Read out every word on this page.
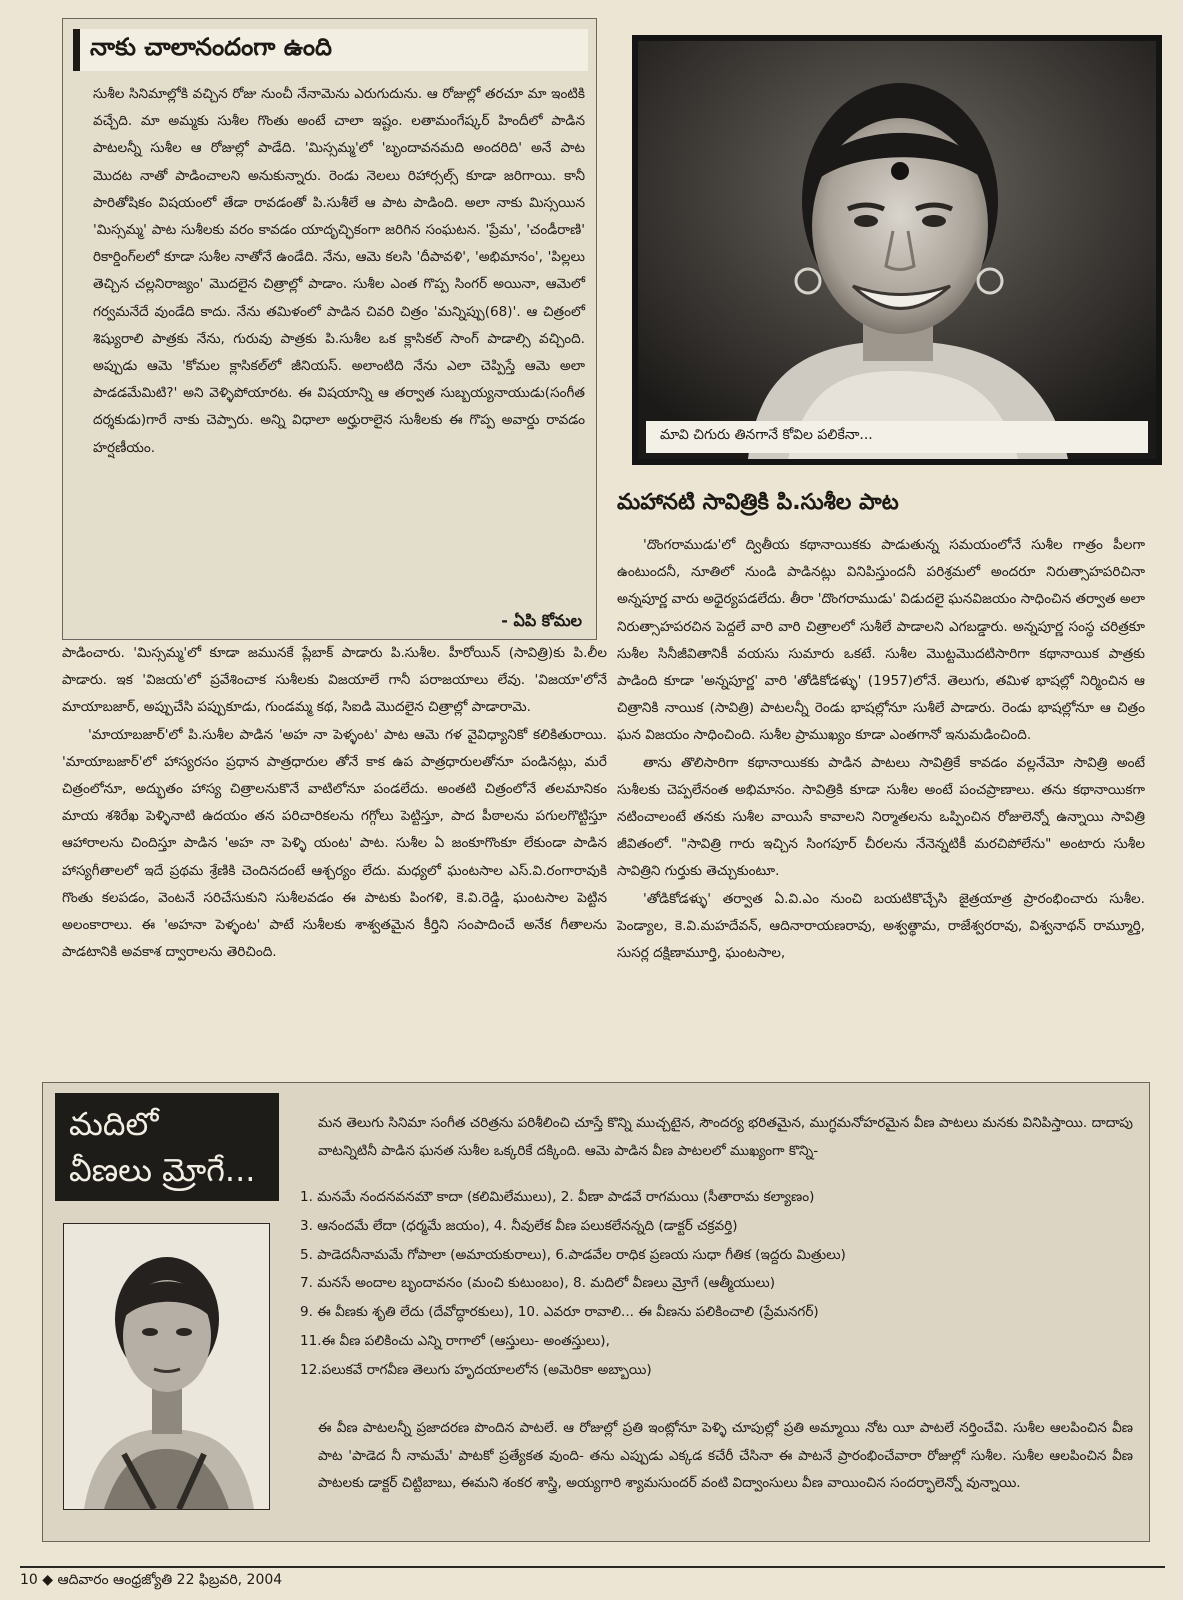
నాకు చాలానందంగా ఉంది
సుశీల సినిమాల్లోకి వచ్చిన రోజు నుంచీ నేనామెను ఎరుగుదును. ఆ రోజుల్లో తరచూ మా ఇంటికి వచ్చేది. మా అమ్మకు సుశీల గొంతు అంటే చాలా ఇష్టం. లతామంగేష్కర్ హిందీలో పాడిన పాటలన్నీ సుశీల ఆ రోజుల్లో పాడేది. 'మిస్సమ్మ'లో 'బృందావనమది అందరిది' అనే పాట మొదట నాతో పాడించాలని అనుకున్నారు. రెండు నెలలు రిహార్సల్స్ కూడా జరిగాయి. కానీ పారితోషికం విషయంలో తేడా రావడంతో పి.సుశీలే ఆ పాట పాడింది. అలా నాకు మిస్సయిన 'మిస్సమ్మ' పాట సుశీలకు వరం కావడం యాదృచ్ఛికంగా జరిగిన సంఘటన. 'ప్రేమ', 'చండీరాణి' రికార్డింగ్‌లలో కూడా సుశీల నాతోనే ఉండేది. నేను, ఆమె కలసి 'దీపావళి', 'అభిమానం', 'పిల్లలు తెచ్చిన చల్లనిరాజ్యం' మొదలైన చిత్రాల్లో పాడాం. సుశీల ఎంత గొప్ప సింగర్ అయినా, ఆమెలో గర్వమనేదే వుండేది కాదు. నేను తమిళంలో పాడిన చివరి చిత్రం 'మన్నిప్పు(68)'. ఆ చిత్రంలో శిష్యురాలి పాత్రకు నేను, గురువు పాత్రకు పి.సుశీల ఒక క్లాసికల్ సాంగ్ పాడాల్సి వచ్చింది. అప్పుడు ఆమె 'కోమల క్లాసికల్‌లో జీనియస్. అలాంటిది నేను ఎలా చెప్పిస్తే ఆమె అలా పాడడమేమిటి?' అని వెళ్ళిపోయారట. ఈ విషయాన్ని ఆ తర్వాత సుబ్బయ్యనాయుడు(సంగీత దర్శకుడు)గారే నాకు చెప్పారు. అన్ని విధాలా అర్హురాలైన సుశీలకు ఈ గొప్ప అవార్డు రావడం హర్షణీయం.
- ఏపి కోమల
మావి చిగురు తినగానే కోవిల పలికేనా...
మహానటి సావిత్రికి పి.సుశీల పాట

పాడించారు. 'మిస్సమ్మ'లో కూడా జమునకే ప్లేబాక్ పాడారు పి.సుశీల. హీరోయిన్ (సావిత్రి)కు పి.లీల పాడారు. ఇక 'విజయ'లో ప్రవేశించాక సుశీలకు విజయాలే గానీ పరాజయాలు లేవు. 'విజయా'లోనే మాయాబజార్, అప్పుచేసి పప్పుకూడు, గుండమ్మ కథ, సిఐడి మొదలైన చిత్రాల్లో పాడారామె.

'మాయాబజార్'లో పి.సుశీల పాడిన 'అహ నా పెళ్ళంట' పాట ఆమె గళ వైవిధ్యానికో కలికితురాయి. 'మాయాబజార్'లో హాస్యరసం ప్రధాన పాత్రధారుల తోనే కాక ఉప పాత్రధారులతోనూ పండినట్లు, మరే చిత్రంలోనూ, అద్భుతం హాస్య చిత్రాలనుకొనే వాటిలోనూ పండలేదు. అంతటి చిత్రంలోనే తలమానికం మాయ శశిరేఖ పెళ్ళినాటి ఉదయం తన పరిచారికలను గగ్గోలు పెట్టిస్తూ, పాద పీఠాలను పగులగొట్టిస్తూ ఆహారాలను చిందిస్తూ పాడిన 'అహ నా పెళ్ళి యంట' పాట. సుశీల ఏ జంకూగొంకూ లేకుండా పాడిన హాస్యగీతాలలో ఇదే ప్రథమ శ్రేణికి చెందినదంటే ఆశ్చర్యం లేదు. మధ్యలో ఘంటసాల ఎస్.వి.రంగారావుకి గొంతు కలపడం, వెంటనే సరిచేసుకుని సుశీలవడం ఈ పాటకు పింగళి, కె.వి.రెడ్డి, ఘంటసాల పెట్టిన అలంకారాలు. ఈ 'అహనా పెళ్ళంట' పాటే సుశీలకు శాశ్వతమైన కీర్తిని సంపాదించే అనేక గీతాలను పాడటానికి అవకాశ ద్వారాలను తెరిచింది.

'దొంగరాముడు'లో ద్వితీయ కథానాయికకు పాడుతున్న సమయంలోనే సుశీల గాత్రం పీలగా ఉంటుందనీ, నూతిలో నుండి పాడినట్లు వినిపిస్తుందనీ పరిశ్రమలో అందరూ నిరుత్సాహపరిచినా అన్నపూర్ణ వారు అధైర్యపడలేదు. తీరా 'దొంగరాముడు' విడుదలై ఘనవిజయం సాధించిన తర్వాత అలా నిరుత్సాహపరచిన పెద్దలే వారి వారి చిత్రాలలో సుశీలే పాడాలని ఎగబడ్డారు. అన్నపూర్ణ సంస్థ చరిత్రకూ సుశీల సినీజీవితానికీ వయసు సుమారు ఒకటే. సుశీల మొట్టమొదటిసారిగా కథానాయిక పాత్రకు పాడింది కూడా 'అన్నపూర్ణ' వారి 'తోడికోడళ్ళు' (1957)లోనే. తెలుగు, తమిళ భాషల్లో నిర్మించిన ఆ చిత్రానికి నాయిక (సావిత్రి) పాటలన్నీ రెండు భాషల్లోనూ సుశీలే పాడారు. రెండు భాషల్లోనూ ఆ చిత్రం ఘన విజయం సాధించింది. సుశీల ప్రాముఖ్యం కూడా ఎంతగానో ఇనుమడించింది.

తాను తొలిసారిగా కథానాయికకు పాడిన పాటలు సావిత్రికే కావడం వల్లనేమో సావిత్రి అంటే సుశీలకు చెప్పలేనంత అభిమానం. సావిత్రికి కూడా సుశీల అంటే పంచప్రాణాలు. తను కథానాయికగా నటించాలంటే తనకు సుశీల వాయిసే కావాలని నిర్మాతలను ఒప్పించిన రోజులెన్నో ఉన్నాయి సావిత్రి జీవితంలో. "సావిత్రి గారు ఇచ్చిన సింగపూర్ చీరలను నేనెన్నటికీ మరచిపోలేను" అంటారు సుశీల సావిత్రిని గుర్తుకు తెచ్చుకుంటూ.

'తోడికోడళ్ళు' తర్వాత ఏ.వి.ఎం నుంచి బయటికొచ్చేసి జైత్రయాత్ర ప్రారంభించారు సుశీల. పెండ్యాల, కె.వి.మహదేవన్, ఆదినారాయణరావు, అశ్వత్థామ, రాజేశ్వరరావు, విశ్వనాథన్ రామ్మూర్తి, సుసర్ల దక్షిణామూర్తి, ఘంటసాల,

మదిలో
వీణలు మ్రోగే...
మన తెలుగు సినిమా సంగీత చరిత్రను పరిశీలించి చూస్తే కొన్ని ముచ్చటైన, సౌందర్య భరితమైన, ముగ్ధమనోహరమైన వీణ పాటలు మనకు వినిపిస్తాయి. దాదాపు వాటన్నిటినీ పాడిన ఘనత సుశీల ఒక్కరికే దక్కింది. ఆమె పాడిన వీణ పాటలలో ముఖ్యంగా కొన్ని-
1. మనమే నందనవనమౌ కాదా (కలిమిలేములు), 2. వీణా పాడవే రాగమయి (సీతారామ కల్యాణం)
3. ఆనందమే లేదా (ధర్మమే జయం), 4. నీవులేక వీణ పలుకలేనన్నది (డాక్టర్ చక్రవర్తి)
5. పాడెదనీనామమే గోపాలా (అమాయకురాలు), 6.పాడవేల రాధిక ప్రణయ సుధా గీతిక (ఇద్దరు మిత్రులు)
7. మనసే అందాల బృందావనం (మంచి కుటుంబం), 8. మదిలో వీణలు మ్రోగే (ఆత్మీయులు)
9. ఈ వీణకు శృతి లేదు (దేవోద్ధారకులు), 10. ఎవరూ రావాలి... ఈ వీణను పలికించాలి (ప్రేమనగర్)
11.ఈ వీణ పలికించు ఎన్ని రాగాలో (ఆస్తులు- అంతస్తులు),
12.పలుకవే రాగవీణ తెలుగు హృదయాలలోన (అమెరికా అబ్బాయి)
ఈ వీణ పాటలన్నీ ప్రజాదరణ పొందిన పాటలే. ఆ రోజుల్లో ప్రతి ఇంట్లోనూ పెళ్ళి చూపుల్లో ప్రతి అమ్మాయి నోట యీ పాటలే నర్తించేవి. సుశీల ఆలపించిన వీణ పాట 'పాడెద నీ నామమే' పాటకో ప్రత్యేకత వుంది- తను ఎప్పుడు ఎక్కడ కచేరీ చేసినా ఈ పాటనే ప్రారంభించేవారా రోజుల్లో సుశీల. సుశీల ఆలపించిన వీణ పాటలకు డాక్టర్ చిట్టిబాబు, ఈమని శంకర శాస్త్రి, అయ్యగారి శ్యామసుందర్ వంటి విద్వాంసులు వీణ వాయించిన సందర్భాలెన్నో వున్నాయి.
10 ◆ ఆదివారం ఆంధ్రజ్యోతి 22 ఫిబ్రవరి, 2004
